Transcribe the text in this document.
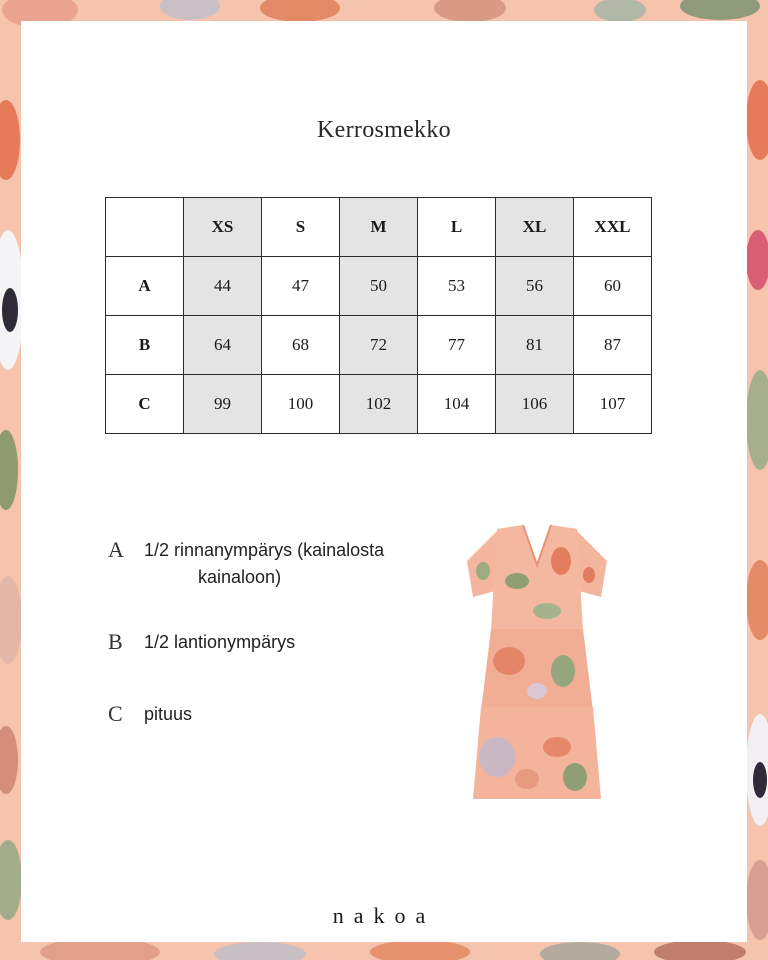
Kerrosmekko
	XS	S	M	L	XL	XXL
A	44	47	50	53	56	60
B	64	68	72	77	81	87
C	99	100	102	104	106	107
A	1/2 rinnanympärys (kainalosta
kainaloon)
B	1/2 lantionympärys
C	pituus
nakoa
